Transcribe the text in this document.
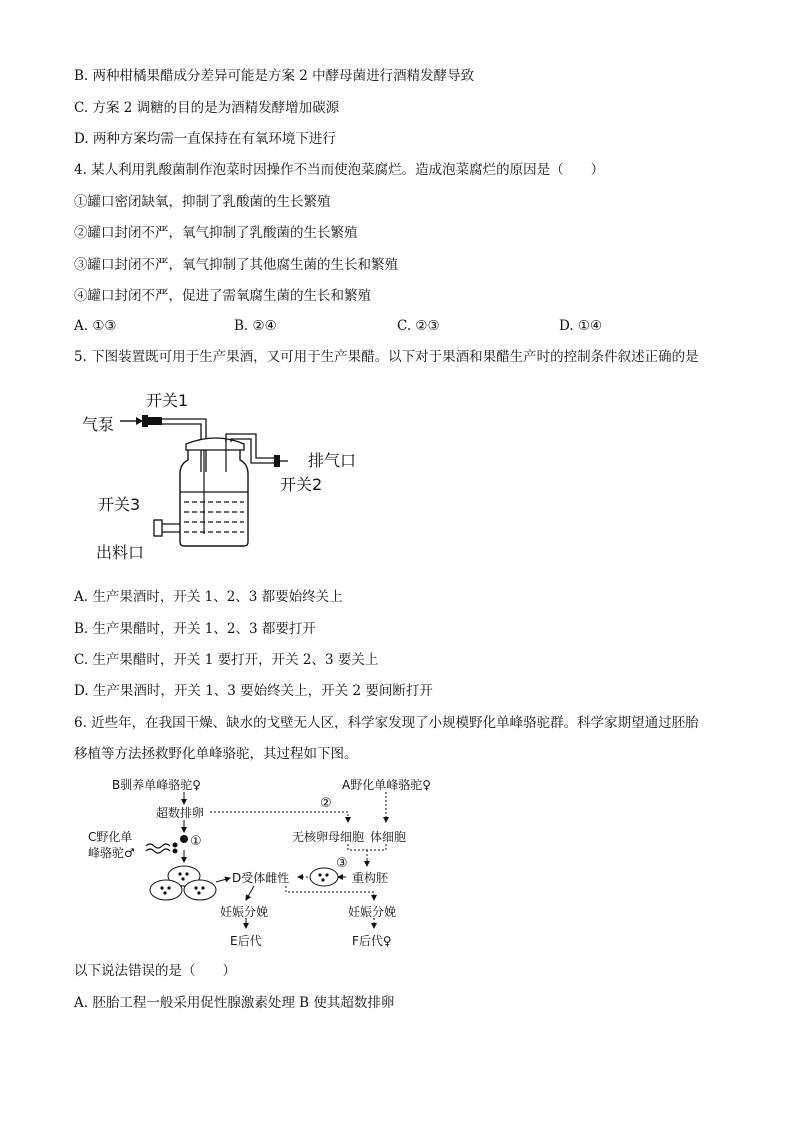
B. 两种柑橘果醋成分差异可能是方案 2 中酵母菌进行酒精发酵导致
C. 方案 2 调糖的目的是为酒精发酵增加碳源
D. 两种方案均需一直保持在有氧环境下进行
4. 某人利用乳酸菌制作泡菜时因操作不当而使泡菜腐烂。造成泡菜腐烂的原因是（　　）
①罐口密闭缺氧，抑制了乳酸菌的生长繁殖
②罐口封闭不严，氧气抑制了乳酸菌的生长繁殖
③罐口封闭不严，氧气抑制了其他腐生菌的生长和繁殖
④罐口封闭不严，促进了需氧腐生菌的生长和繁殖
A. ①③	B. ②④	C. ②③	D. ①④
5. 下图装置既可用于生产果酒，又可用于生产果醋。以下对于果酒和果醋生产时的控制条件叙述正确的是
开关1
气泵
排气口
开关2
开关3
出料口
A. 生产果酒时，开关 1、2、3 都要始终关上
B. 生产果醋时，开关 1、2、3 都要打开
C. 生产果醋时，开关 1 要打开，开关 2、3 要关上
D. 生产果酒时，开关 1、3 要始终关上，开关 2 要间断打开
6. 近些年，在我国干燥、缺水的戈壁无人区，科学家发现了小规模野化单峰骆驼群。科学家期望通过胚胎
移植等方法拯救野化单峰骆驼，其过程如下图。
B驯养单峰骆驼♀	A野化单峰骆驼♀
超数排卵
②
C野化单
峰骆驼♂
①	无核卵母细胞 体细胞
③
D受体雌性	重构胚
妊娠分娩	妊娠分娩
E后代	F后代♀
以下说法错误的是（　　）
A. 胚胎工程一般采用促性腺激素处理 B 使其超数排卵
